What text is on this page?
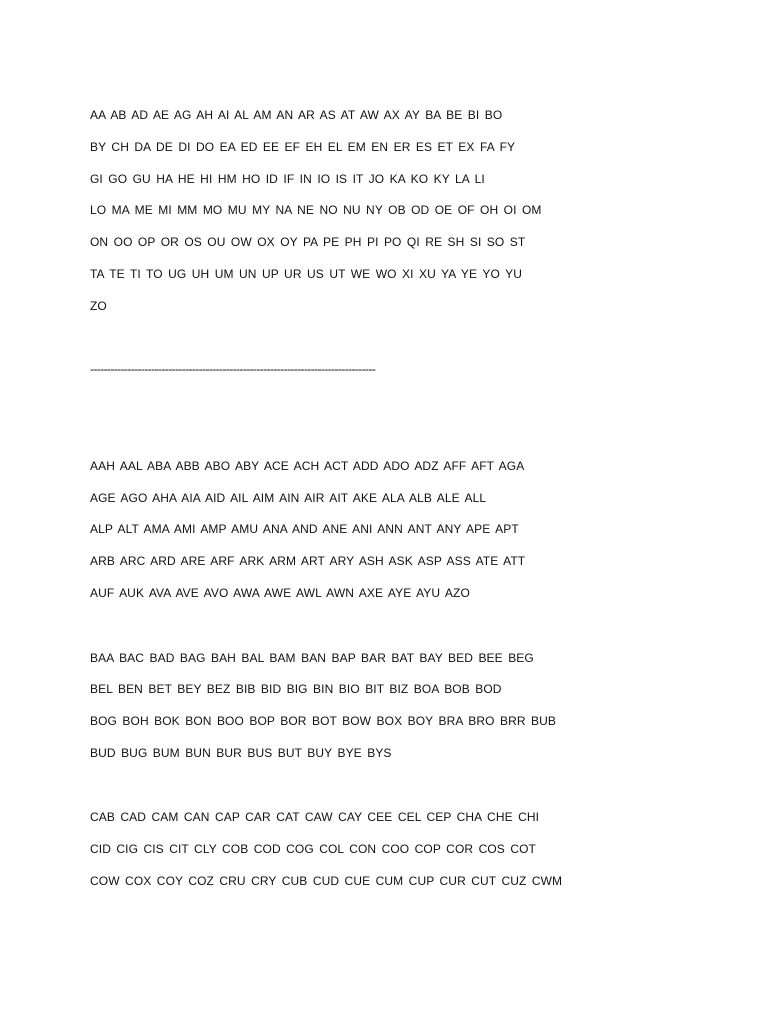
AA AB AD AE AG AH AI AL AM AN AR AS AT AW AX AY BA BE BI BO
BY CH DA DE DI DO EA ED EE EF EH EL EM EN ER ES ET EX FA FY
GI GO GU HA HE HI HM HO ID IF IN IO IS IT JO KA KO KY LA LI
LO MA ME MI MM MO MU MY NA NE NO NU NY OB OD OE OF OH OI OM
ON OO OP OR OS OU OW OX OY PA PE PH PI PO QI RE SH SI SO ST
TA TE TI TO UG UH UM UN UP UR US UT WE WO XI XU YA YE YO YU
ZO
------------------------------------------------------------------------------------
AAH AAL ABA ABB ABO ABY ACE ACH ACT ADD ADO ADZ AFF AFT AGA
AGE AGO AHA AIA AID AIL AIM AIN AIR AIT AKE ALA ALB ALE ALL
ALP ALT AMA AMI AMP AMU ANA AND ANE ANI ANN ANT ANY APE APT
ARB ARC ARD ARE ARF ARK ARM ART ARY ASH ASK ASP ASS ATE ATT
AUF AUK AVA AVE AVO AWA AWE AWL AWN AXE AYE AYU AZO
BAA BAC BAD BAG BAH BAL BAM BAN BAP BAR BAT BAY BED BEE BEG
BEL BEN BET BEY BEZ BIB BID BIG BIN BIO BIT BIZ BOA BOB BOD
BOG BOH BOK BON BOO BOP BOR BOT BOW BOX BOY BRA BRO BRR BUB
BUD BUG BUM BUN BUR BUS BUT BUY BYE BYS
CAB CAD CAM CAN CAP CAR CAT CAW CAY CEE CEL CEP CHA CHE CHI
CID CIG CIS CIT CLY COB COD COG COL CON COO COP COR COS COT
COW COX COY COZ CRU CRY CUB CUD CUE CUM CUP CUR CUT CUZ CWM
